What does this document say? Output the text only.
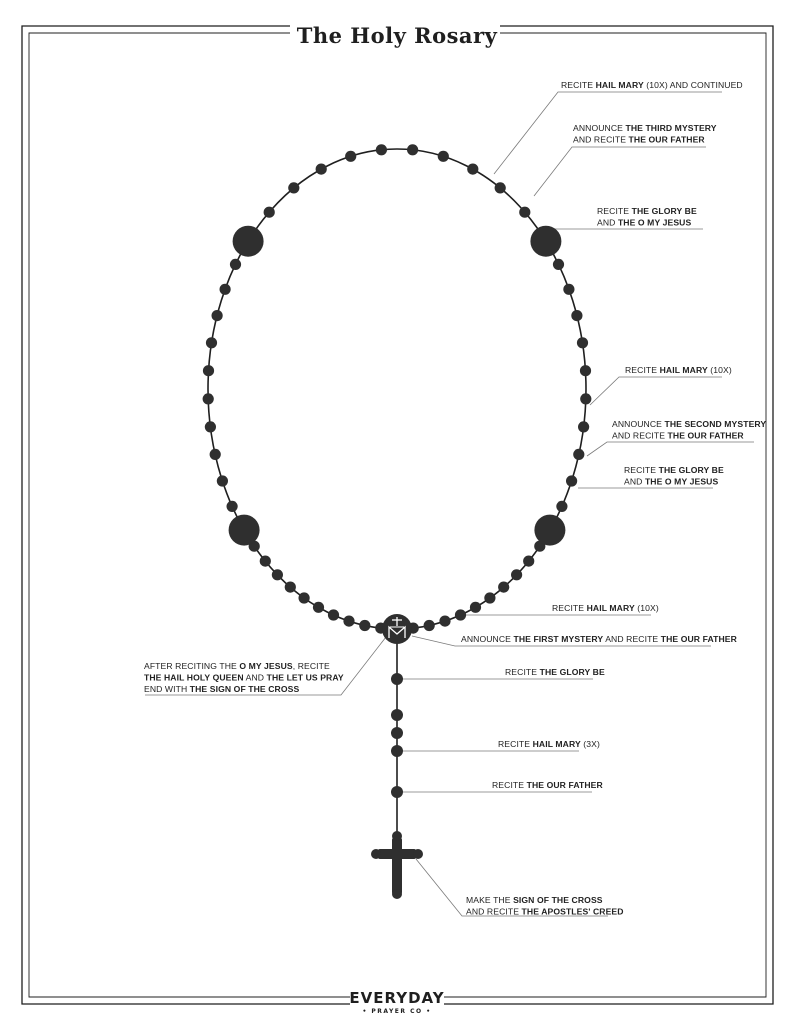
The Holy Rosary
RECITE HAIL MARY (10X) AND CONTINUED
ANNOUNCE THE THIRD MYSTERY AND RECITE THE OUR FATHER
RECITE THE GLORY BE AND THE O MY JESUS
RECITE HAIL MARY (10X)
ANNOUNCE THE SECOND MYSTERY AND RECITE THE OUR FATHER
RECITE THE GLORY BE AND THE O MY JESUS
RECITE HAIL MARY (10X)
ANNOUNCE THE FIRST MYSTERY AND RECITE THE OUR FATHER
RECITE THE GLORY BE
RECITE HAIL MARY (3X)
RECITE THE OUR FATHER
MAKE THE SIGN OF THE CROSS AND RECITE THE APOSTLES' CREED
AFTER RECITING THE O MY JESUS, RECITE THE HAIL HOLY QUEEN AND THE LET US PRAY END WITH THE SIGN OF THE CROSS
EVERYDAY
• PRAYER CO •
